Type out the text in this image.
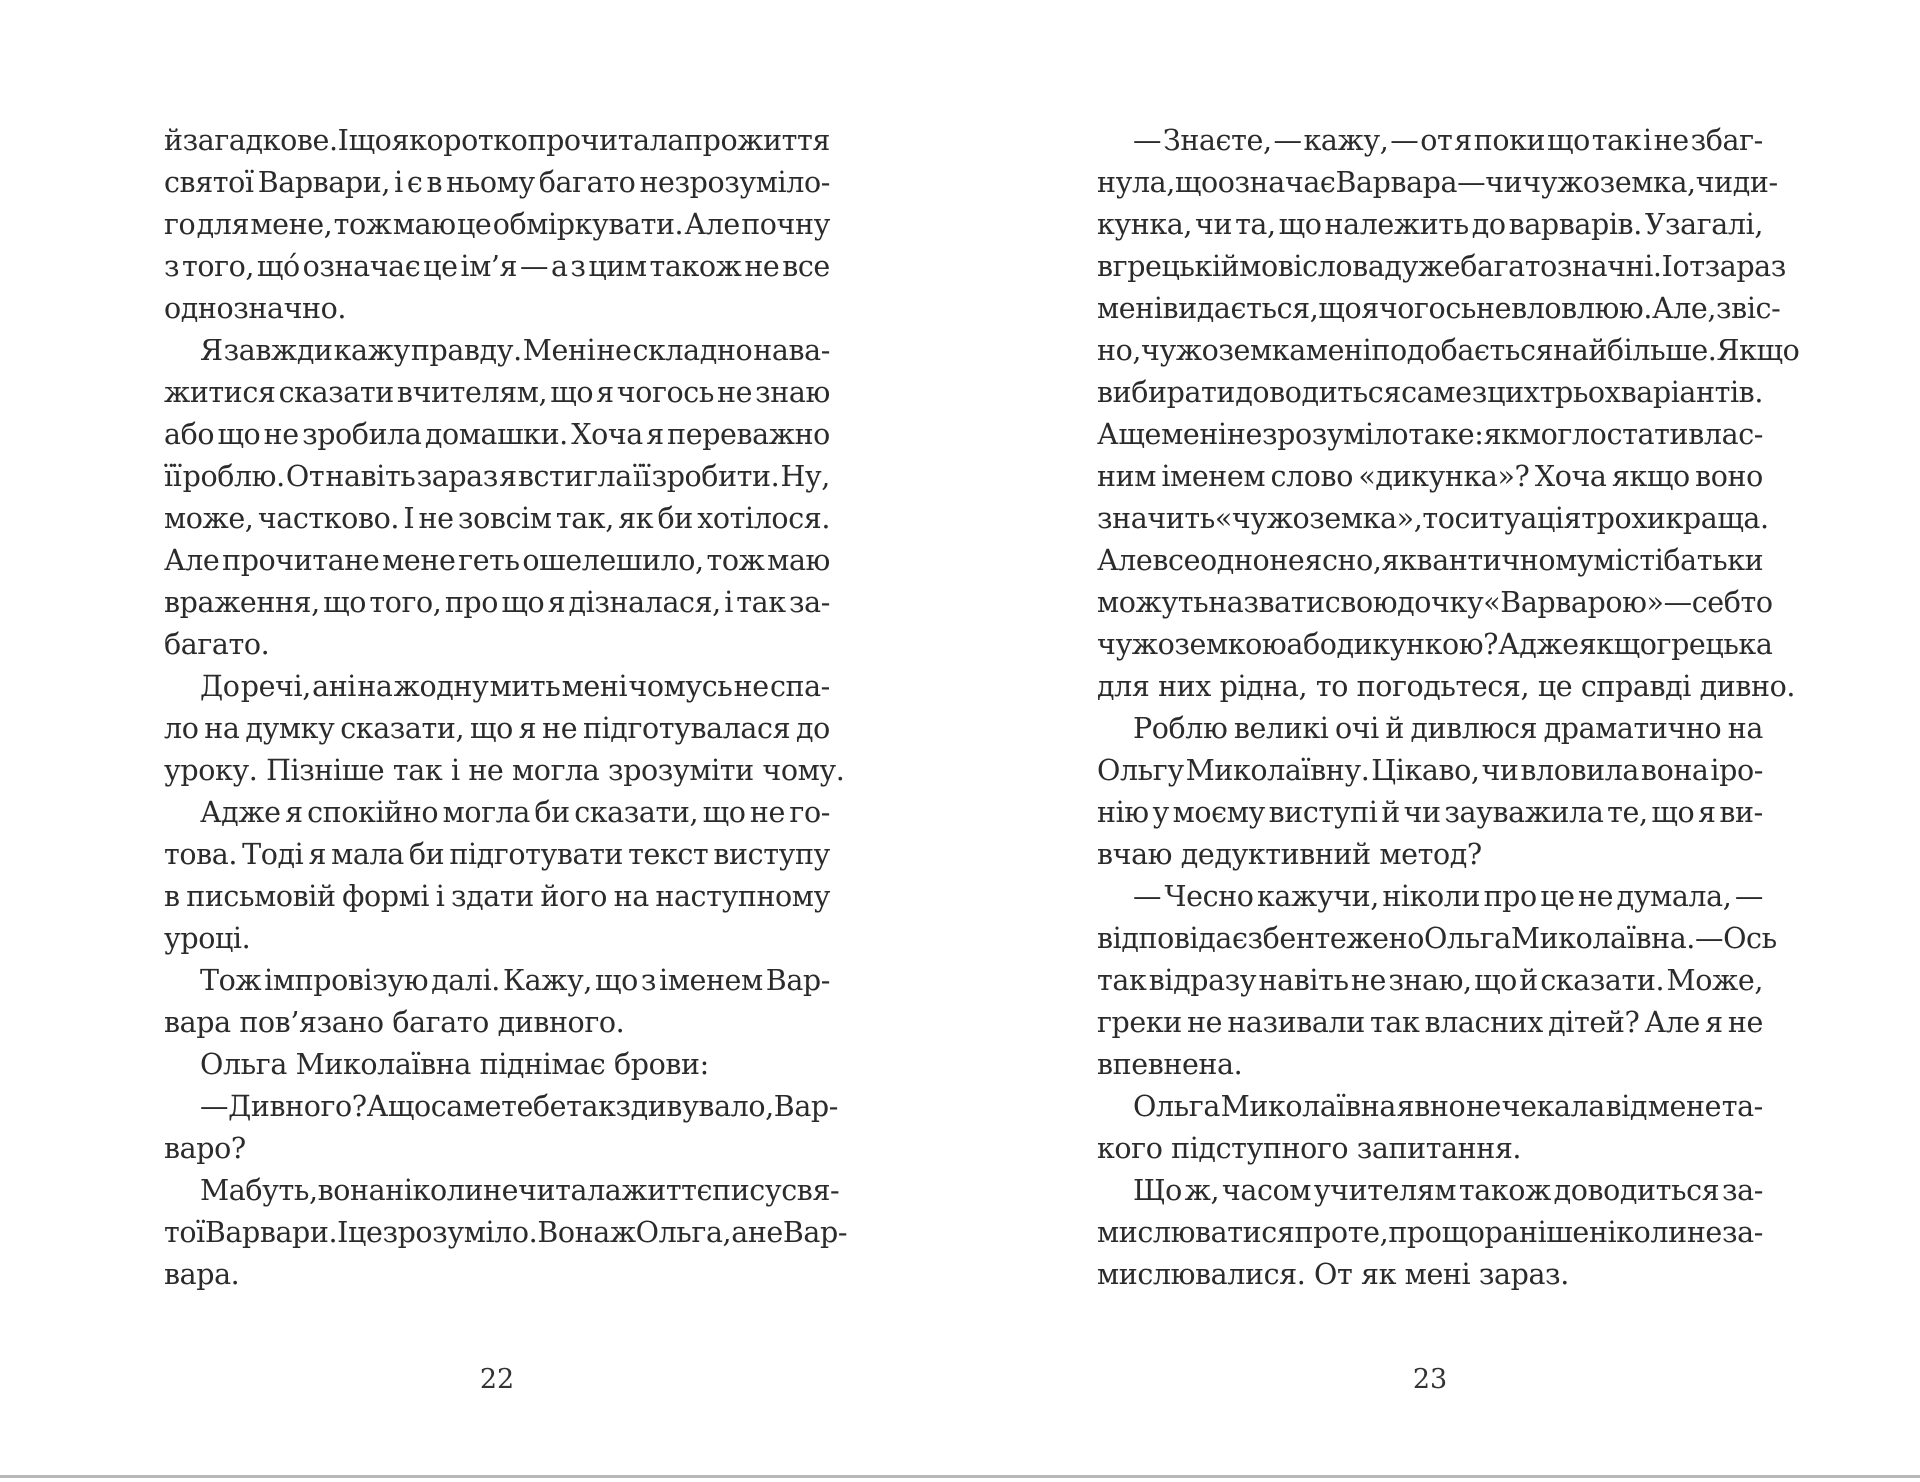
й загадкове. І що я коротко прочитала про життя
святої Варвари, і є в ньому багато незрозуміло-
го для мене, тож маю це обміркувати. Але почну
з того, щó означає це ім’я — а з цим також не все
однозначно.
Я завжди кажу правду. Мені не складно нава-
житися сказати вчителям, що я чогось не знаю
або що не зробила домашки. Хоча я переважно
її роблю. От навіть зараз я встигла її зробити. Ну,
може, частково. І не зовсім так, як би хотілося.
Але прочитане мене геть ошелешило, тож маю
враження, що того, про що я дізналася, і так за-
багато.
До речі, ані на жодну мить мені чомусь не спа-
ло на думку сказати, що я не підготувалася до
уроку. Пізніше так і не могла зрозуміти чому.
Адже я спокійно могла би сказати, що не го-
това. Тоді я мала би підготувати текст виступу
в письмовій формі і здати його на наступному
уроці.
Тож імпровізую далі. Кажу, що з іменем Вар-
вара пов’язано багато дивного.
Ольга Миколаївна піднімає брови:
— Дивного? А що саме тебе так здивувало, Вар-
варо?
Мабуть, вона ніколи не читала життєпису свя-
тої Варвари. І це зрозуміло. Вона ж Ольга, а не Вар-
вара.
— Знаєте, — кажу, — от я поки що так і не збаг-
нула, що означає Варвара — чи чужоземка, чи ди-
кунка, чи та, що належить до варварів. Узагалі,
в грецькій мові слова дуже багатозначні. І от зараз
мені видається, що я чогось не вловлюю. Але, звіс-
но, чужоземка мені подобається найбільше. Якщо
вибирати доводиться саме з цих трьох варіантів.
А ще мені незрозуміло таке: як могло стати влас-
ним іменем слово «дикунка»? Хоча якщо воно
значить «чужоземка», то ситуація трохи краща.
Але все одно не ясно, як в античному місті батьки
можуть назвати свою дочку «Варварою» — себто
чужоземкою або дикункою? Адже якщо грецька
для них рідна, то погодьтеся, це справді дивно.
Роблю великі очі й дивлюся драматично на
Ольгу Миколаївну. Цікаво, чи вловила вона іро-
нію у моєму виступі й чи зауважила те, що я ви-
вчаю дедуктивний метод?
— Чесно кажучи, ніколи про це не думала, —
відповідає збентежено Ольга Миколаївна. — Ось
так відразу навіть не знаю, що й сказати. Може,
греки не називали так власних дітей? Але я не
впевнена.
Ольга Миколаївна явно не чекала від мене та-
кого підступного запитання.
Що ж, часом учителям також доводиться за-
мислюватися про те, про що раніше ніколи не за-
мислювалися. От як мені зараз.
22	23
